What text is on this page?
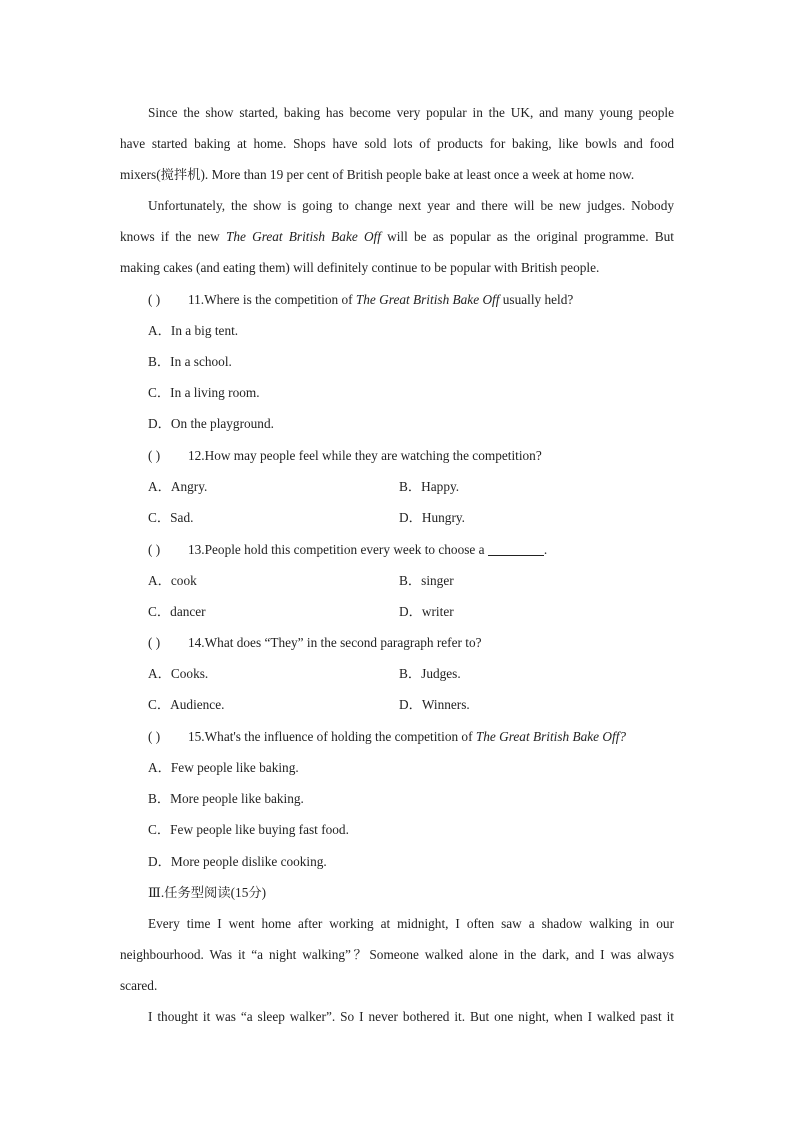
Since the show started, baking has become very popular in the UK, and many young people
have started baking at home. Shops have sold lots of products for baking, like bowls and food
mixers(搅拌机). More than 19 per cent of British people bake at least once a week at home now.
Unfortunately, the show is going to change next year and there will be new judges. Nobody
knows if the new The Great British Bake Off will be as popular as the original programme. But
making cakes (and eating them) will definitely continue to be popular with British people.
( ) 11.Where is the competition of The Great British Bake Off usually held?
A．In a big tent.
B．In a school.
C．In a living room.
D．On the playground.
( ) 12.How may people feel while they are watching the competition?
A．Angry.	B．Happy.
C．Sad.	D．Hungry.
( ) 13.People hold this competition every week to choose a	.
A．cook	B．singer
C．dancer	D．writer
( ) 14.What does “They” in the second paragraph refer to?
A．Cooks.	B．Judges.
C．Audience.	D．Winners.
( ) 15.What's the influence of holding the competition of The Great British Bake Off?
A．Few people like baking.
B．More people like baking.
C．Few people like buying fast food.
D．More people dislike cooking.
Ⅲ.任务型阅读(15分)
Every time I went home after working at midnight, I often saw a shadow walking in our
neighbourhood. Was it “a night walking”？Someone walked alone in the dark, and I was always
scared.
I thought it was “a sleep walker”. So I never bothered it. But one night, when I walked past it
